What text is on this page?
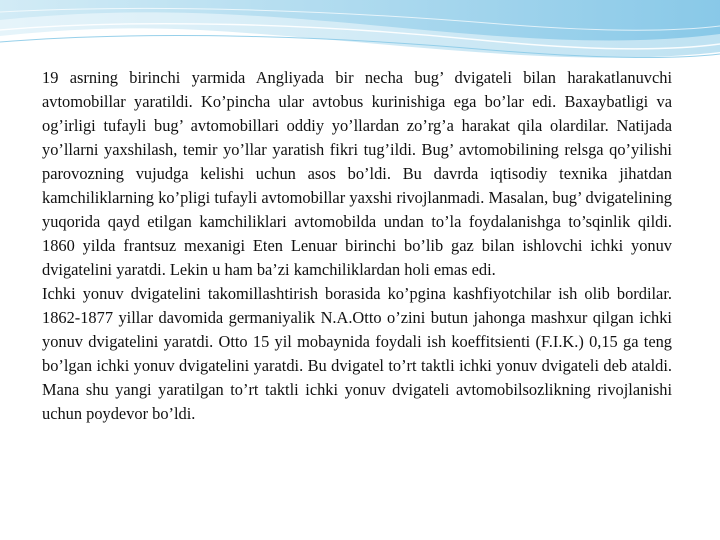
19 asrning birinchi yarmida Angliyada bir necha bug’ dvigateli bilan harakatlanuvchi avtomobillar yaratildi. Ko’pincha ular avtobus kurinishiga ega bo’lar edi. Baxaybatligi va og’irligi tufayli bug’ avtomobillari oddiy yo’llardan zo’rg’a harakat qila olardilar. Natijada yo’llarni yaxshilash, temir yo’llar yaratish fikri tug’ildi. Bug’ avtomobilining relsga qo’yilishi parovozning vujudga kelishi uchun asos bo’ldi. Bu davrda iqtisodiy texnika jihatdan kamchiliklarning ko’pligi tufayli avtomobillar yaxshi rivojlanmadi. Masalan, bug’ dvigatelining yuqorida qayd etilgan kamchiliklari avtomobilda undan to’la foydalanishga to’sqinlik qildi. 1860 yilda frantsuz mexanigi Eten Lenuar birinchi bo’lib gaz bilan ishlovchi ichki yonuv dvigatelini yaratdi. Lekin u ham ba’zi kamchiliklardan holi emas edi.

Ichki yonuv dvigatelini takomillashtirish borasida ko’pgina kashfiyotchilar ish olib bordilar. 1862-1877 yillar davomida germaniyalik N.A.Otto o’zini butun jahonga mashxur qilgan ichki yonuv dvigatelini yaratdi. Otto 15 yil mobaynida foydali ish koeffitsienti (F.I.K.) 0,15 ga teng bo’lgan ichki yonuv dvigatelini yaratdi. Bu dvigatel to’rt taktli ichki yonuv dvigateli deb ataldi. Mana shu yangi yaratilgan to’rt taktli ichki yonuv dvigateli avtomobilsozlikning rivojlanishi uchun poydevor bo’ldi.
